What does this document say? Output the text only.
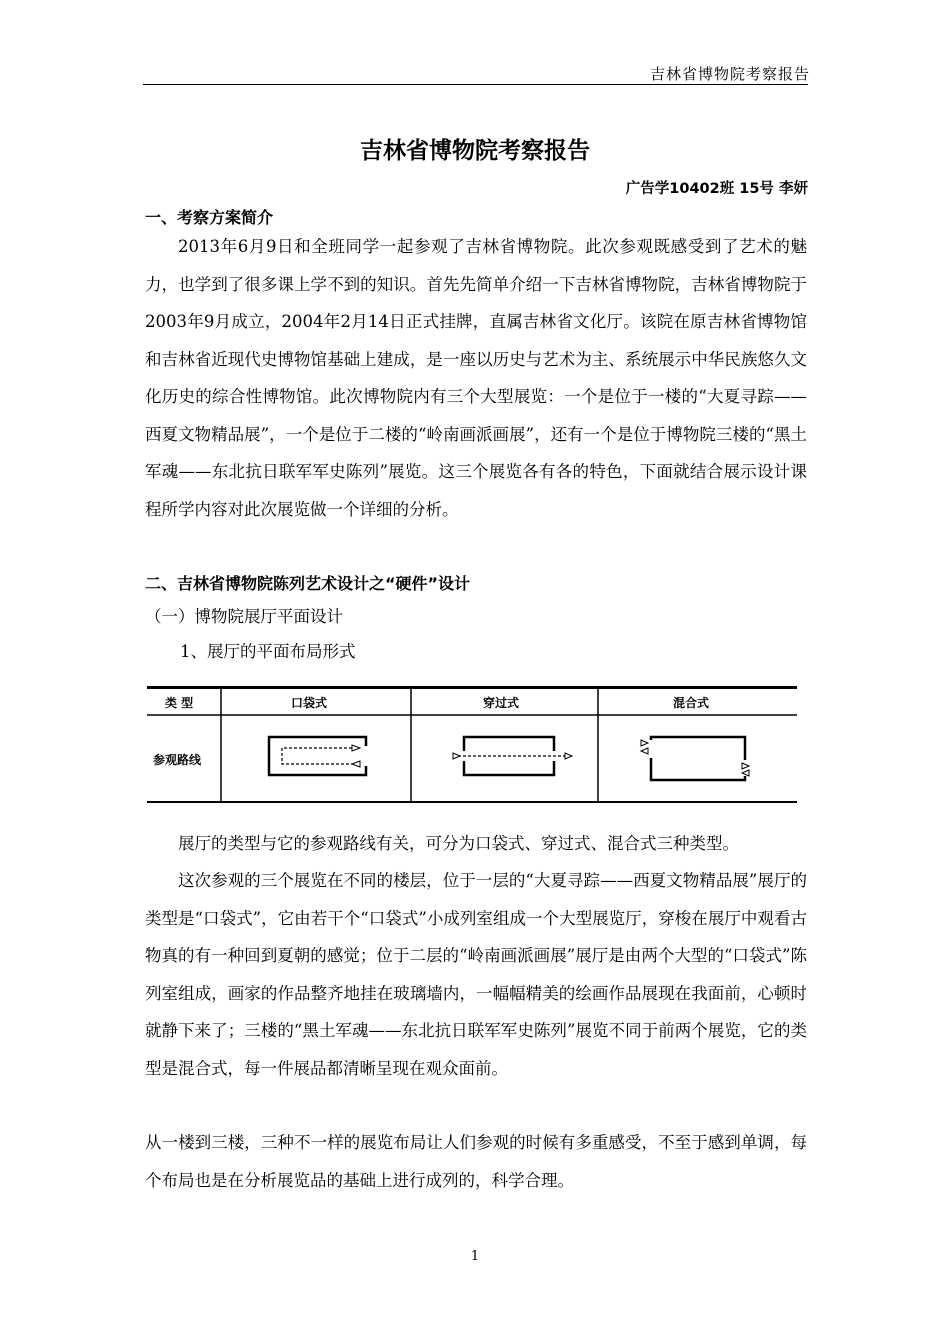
吉林省博物院考察报告
吉林省博物院考察报告
广告学10402班 15号 李妍
一、考察方案简介
2013年6月9日和全班同学一起参观了吉林省博物院。此次参观既感受到了艺术的魅力，也学到了很多课上学不到的知识。首先先简单介绍一下吉林省博物院，吉林省博物院于2003年9月成立，2004年2月14日正式挂牌，直属吉林省文化厅。该院在原吉林省博物馆和吉林省近现代史博物馆基础上建成，是一座以历史与艺术为主、系统展示中华民族悠久文化历史的综合性博物馆。此次博物院内有三个大型展览：一个是位于一楼的“大夏寻踪——西夏文物精品展”，一个是位于二楼的“岭南画派画展”，还有一个是位于博物院三楼的“黑土军魂——东北抗日联军军史陈列”展览。这三个展览各有各的特色，下面就结合展示设计课程所学内容对此次展览做一个详细的分析。
二、吉林省博物院陈列艺术设计之“硬件”设计
（一）博物院展厅平面设计
1、展厅的平面布局形式
类 型	口袋式	穿过式	混合式
参观路线
展厅的类型与它的参观路线有关，可分为口袋式、穿过式、混合式三种类型。
这次参观的三个展览在不同的楼层，位于一层的“大夏寻踪——西夏文物精品展”展厅的类型是“口袋式”，它由若干个“口袋式”小成列室组成一个大型展览厅，穿梭在展厅中观看古物真的有一种回到夏朝的感觉；位于二层的“岭南画派画展”展厅是由两个大型的“口袋式”陈列室组成，画家的作品整齐地挂在玻璃墙内，一幅幅精美的绘画作品展现在我面前，心顿时就静下来了；三楼的“黑土军魂——东北抗日联军军史陈列”展览不同于前两个展览，它的类型是混合式，每一件展品都清晰呈现在观众面前。
从一楼到三楼，三种不一样的展览布局让人们参观的时候有多重感受，不至于感到单调，每个布局也是在分析展览品的基础上进行成列的，科学合理。
1
